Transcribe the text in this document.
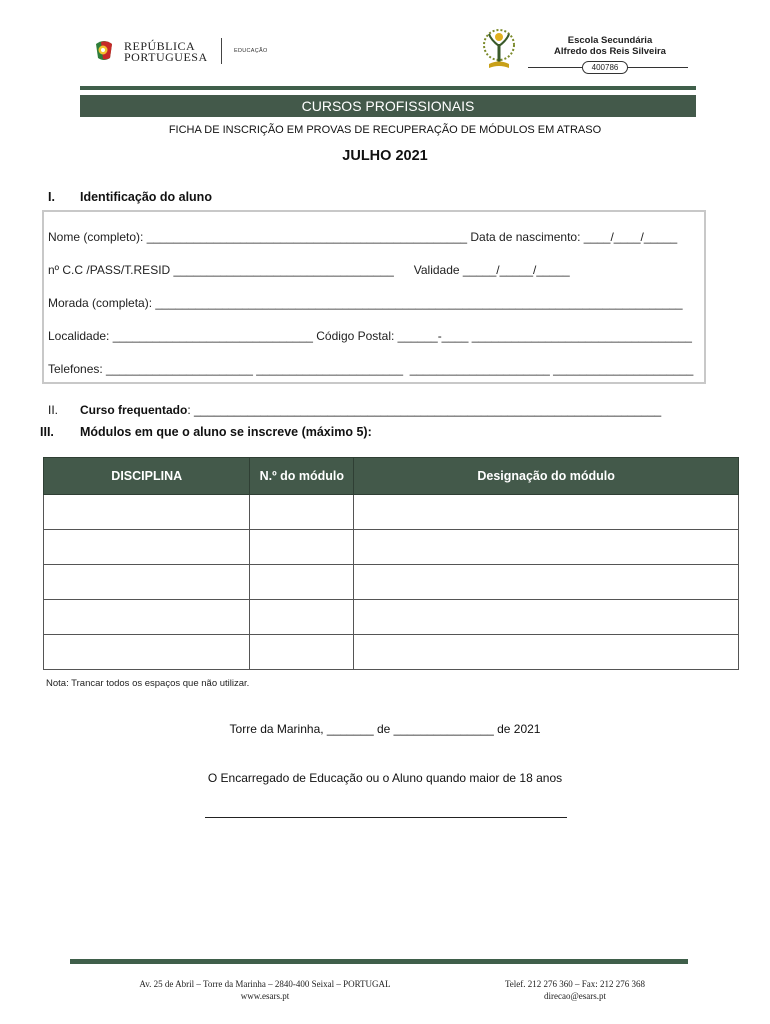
REPÚBLICA
PORTUGUESA	EDUCAÇÃO
Escola Secundária
Alfredo dos Reis Silveira
400786
CURSOS PROFISSIONAIS
FICHA DE INSCRIÇÃO EM PROVAS DE RECUPERAÇÃO DE MÓDULOS EM ATRASO
JULHO 2021
I. Identificação do aluno
Nome (completo): ________________________________________________ Data de nascimento: ____/____/_____
nº C.C /PASS/T.RESID _________________________________      Validade _____/_____/_____
Morada (completa): _______________________________________________________________________________
Localidade: ______________________________ Código Postal: ______-____ _________________________________
Telefones: ______________________ ______________________  _____________________ _____________________
II. Curso frequentado: ______________________________________________________________________
III. Módulos em que o aluno se inscreve (máximo 5):
DISCIPLINA	N.º do módulo	Designação do módulo

Nota: Trancar todos os espaços que não utilizar.
Torre da Marinha, _______ de _______________ de 2021
O Encarregado de Educação ou o Aluno quando maior de 18 anos
Av. 25 de Abril – Torre da Marinha – 2840-400 Seixal – PORTUGAL
www.esars.pt
Telef. 212 276 360 – Fax: 212 276 368
direcao@esars.pt
